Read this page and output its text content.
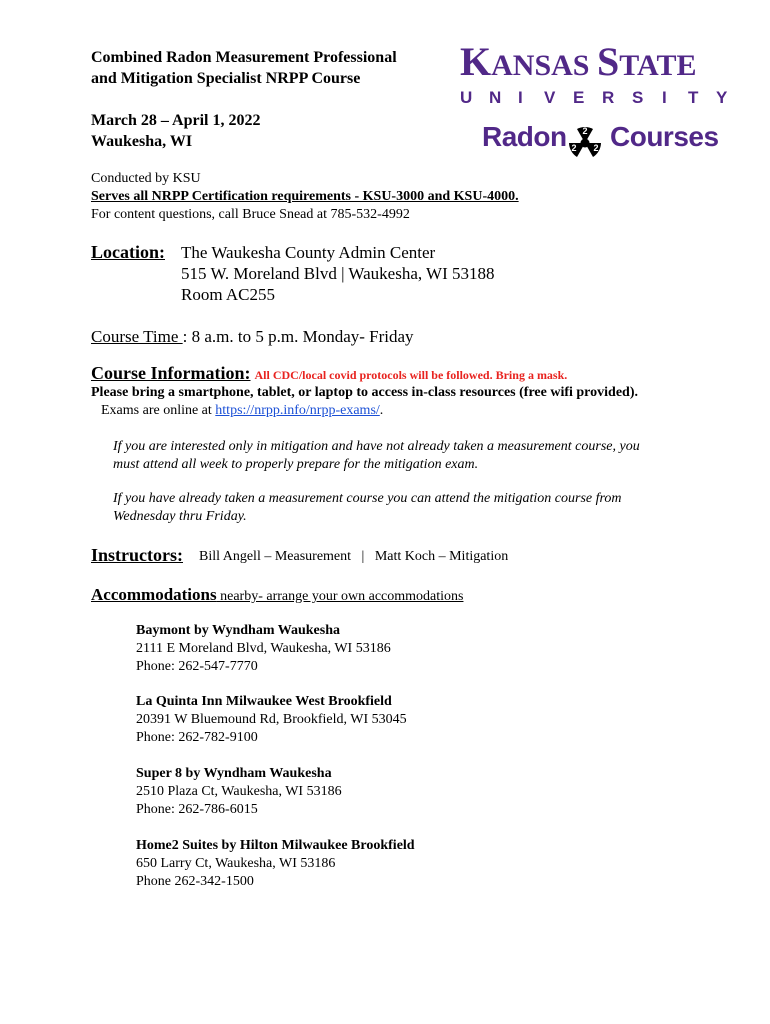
Combined Radon Measurement Professional
and Mitigation Specialist NRPP Course
March 28 – April 1, 2022
Waukesha, WI
KANSAS STATE
U N I V E R S I T Y
Radon 2
2 2 Courses
Conducted by KSU
Serves all NRPP Certification requirements - KSU-3000 and KSU-4000.
For content questions, call Bruce Snead at 785-532-4992
Location: The Waukesha County Admin Center
515 W. Moreland Blvd | Waukesha, WI 53188
Room AC255
Course Time : 8 a.m. to 5 p.m. Monday- Friday
Course Information: All CDC/local covid protocols will be followed. Bring a mask.
Please bring a smartphone, tablet, or laptop to access in-class resources (free wifi provided).
Exams are online at https://nrpp.info/nrpp-exams/.
If you are interested only in mitigation and have not already taken a measurement course, you
must attend all week to properly prepare for the mitigation exam.
If you have already taken a measurement course you can attend the mitigation course from
Wednesday thru Friday.
Instructors: Bill Angell – Measurement   |   Matt Koch – Mitigation
Accommodations nearby- arrange your own accommodations
Baymont by Wyndham Waukesha
2111 E Moreland Blvd, Waukesha, WI 53186
Phone: 262-547-7770
La Quinta Inn Milwaukee West Brookfield
20391 W Bluemound Rd, Brookfield, WI 53045
Phone: 262-782-9100
Super 8 by Wyndham Waukesha
2510 Plaza Ct, Waukesha, WI 53186
Phone: 262-786-6015
Home2 Suites by Hilton Milwaukee Brookfield
650 Larry Ct, Waukesha, WI 53186
Phone 262-342-1500
